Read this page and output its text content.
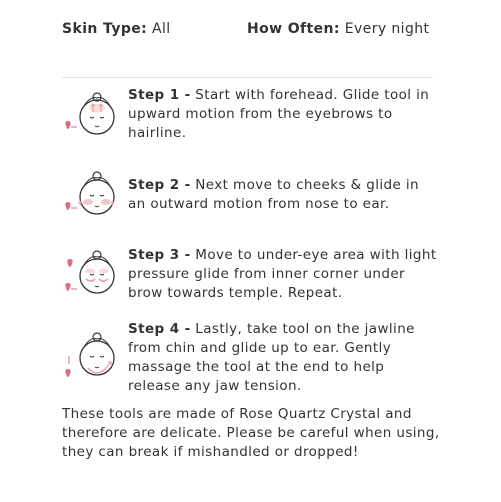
Skin Type: All	How Often: Every night
Step 1 - Start with forehead. Glide tool in upward motion from the eyebrows to hairline.
Step 2 - Next move to cheeks & glide in an outward motion from nose to ear.
Step 3 - Move to under-eye area with light pressure glide from inner corner under brow towards temple. Repeat.
Step 4 - Lastly, take tool on the jawline from chin and glide up to ear. Gently massage the tool at the end to help release any jaw tension.

These tools are made of Rose Quartz Crystal and therefore are delicate. Please be careful when using, they can break if mishandled or dropped!
